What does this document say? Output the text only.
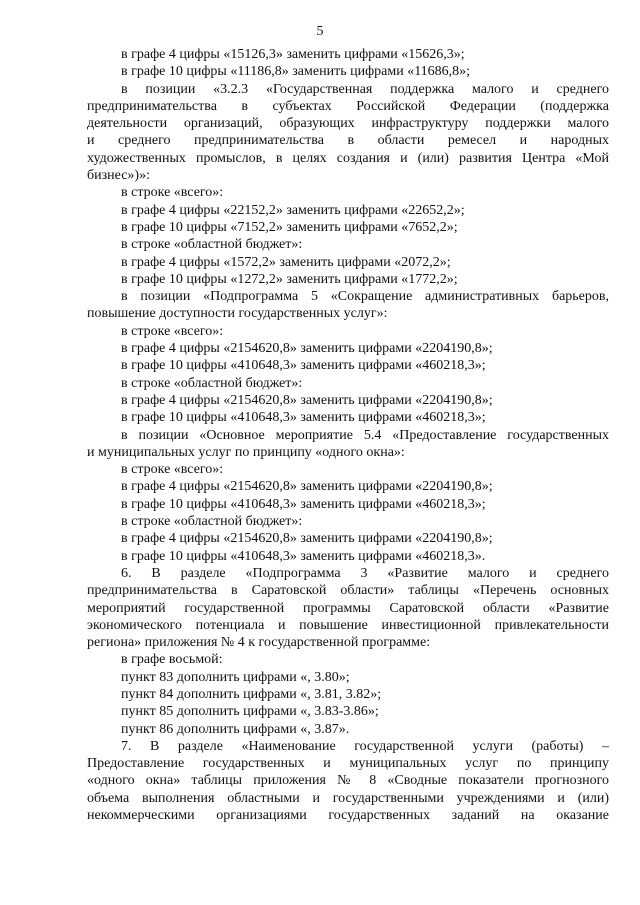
5
в графе 4 цифры «15126,3» заменить цифрами «15626,3»;
в графе 10 цифры «11186,8» заменить цифрами «11686,8»;
в позиции «3.2.3 «Государственная поддержка малого и среднего
предпринимательства в субъектах Российской Федерации (поддержка
деятельности организаций, образующих инфраструктуру поддержки малого
и среднего предпринимательства в области ремесел и народных
художественных промыслов, в целях создания и (или) развития Центра «Мой
бизнес»)»:
в строке «всего»:
в графе 4 цифры «22152,2» заменить цифрами «22652,2»;
в графе 10 цифры «7152,2» заменить цифрами «7652,2»;
в строке «областной бюджет»:
в графе 4 цифры «1572,2» заменить цифрами «2072,2»;
в графе 10 цифры «1272,2» заменить цифрами «1772,2»;
в позиции «Подпрограмма 5 «Сокращение административных барьеров,
повышение доступности государственных услуг»:
в строке «всего»:
в графе 4 цифры «2154620,8» заменить цифрами «2204190,8»;
в графе 10 цифры «410648,3» заменить цифрами «460218,3»;
в строке «областной бюджет»:
в графе 4 цифры «2154620,8» заменить цифрами «2204190,8»;
в графе 10 цифры «410648,3» заменить цифрами «460218,3»;
в позиции «Основное мероприятие 5.4 «Предоставление государственных
и муниципальных услуг по принципу «одного окна»:
в строке «всего»:
в графе 4 цифры «2154620,8» заменить цифрами «2204190,8»;
в графе 10 цифры «410648,3» заменить цифрами «460218,3»;
в строке «областной бюджет»:
в графе 4 цифры «2154620,8» заменить цифрами «2204190,8»;
в графе 10 цифры «410648,3» заменить цифрами «460218,3».
6. В разделе «Подпрограмма 3 «Развитие малого и среднего
предпринимательства в Саратовской области» таблицы «Перечень основных
мероприятий государственной программы Саратовской области «Развитие
экономического потенциала и повышение инвестиционной привлекательности
региона» приложения № 4 к государственной программе:
в графе восьмой:
пункт 83 дополнить цифрами «, 3.80»;
пункт 84 дополнить цифрами «, 3.81, 3.82»;
пункт 85 дополнить цифрами «, 3.83-3.86»;
пункт 86 дополнить цифрами «, 3.87».
7. В разделе «Наименование государственной услуги (работы) –
Предоставление государственных и муниципальных услуг по принципу
«одного окна» таблицы приложения № 8 «Сводные показатели прогнозного
объема выполнения областными и государственными учреждениями и (или)
некоммерческими организациями государственных заданий на оказание
